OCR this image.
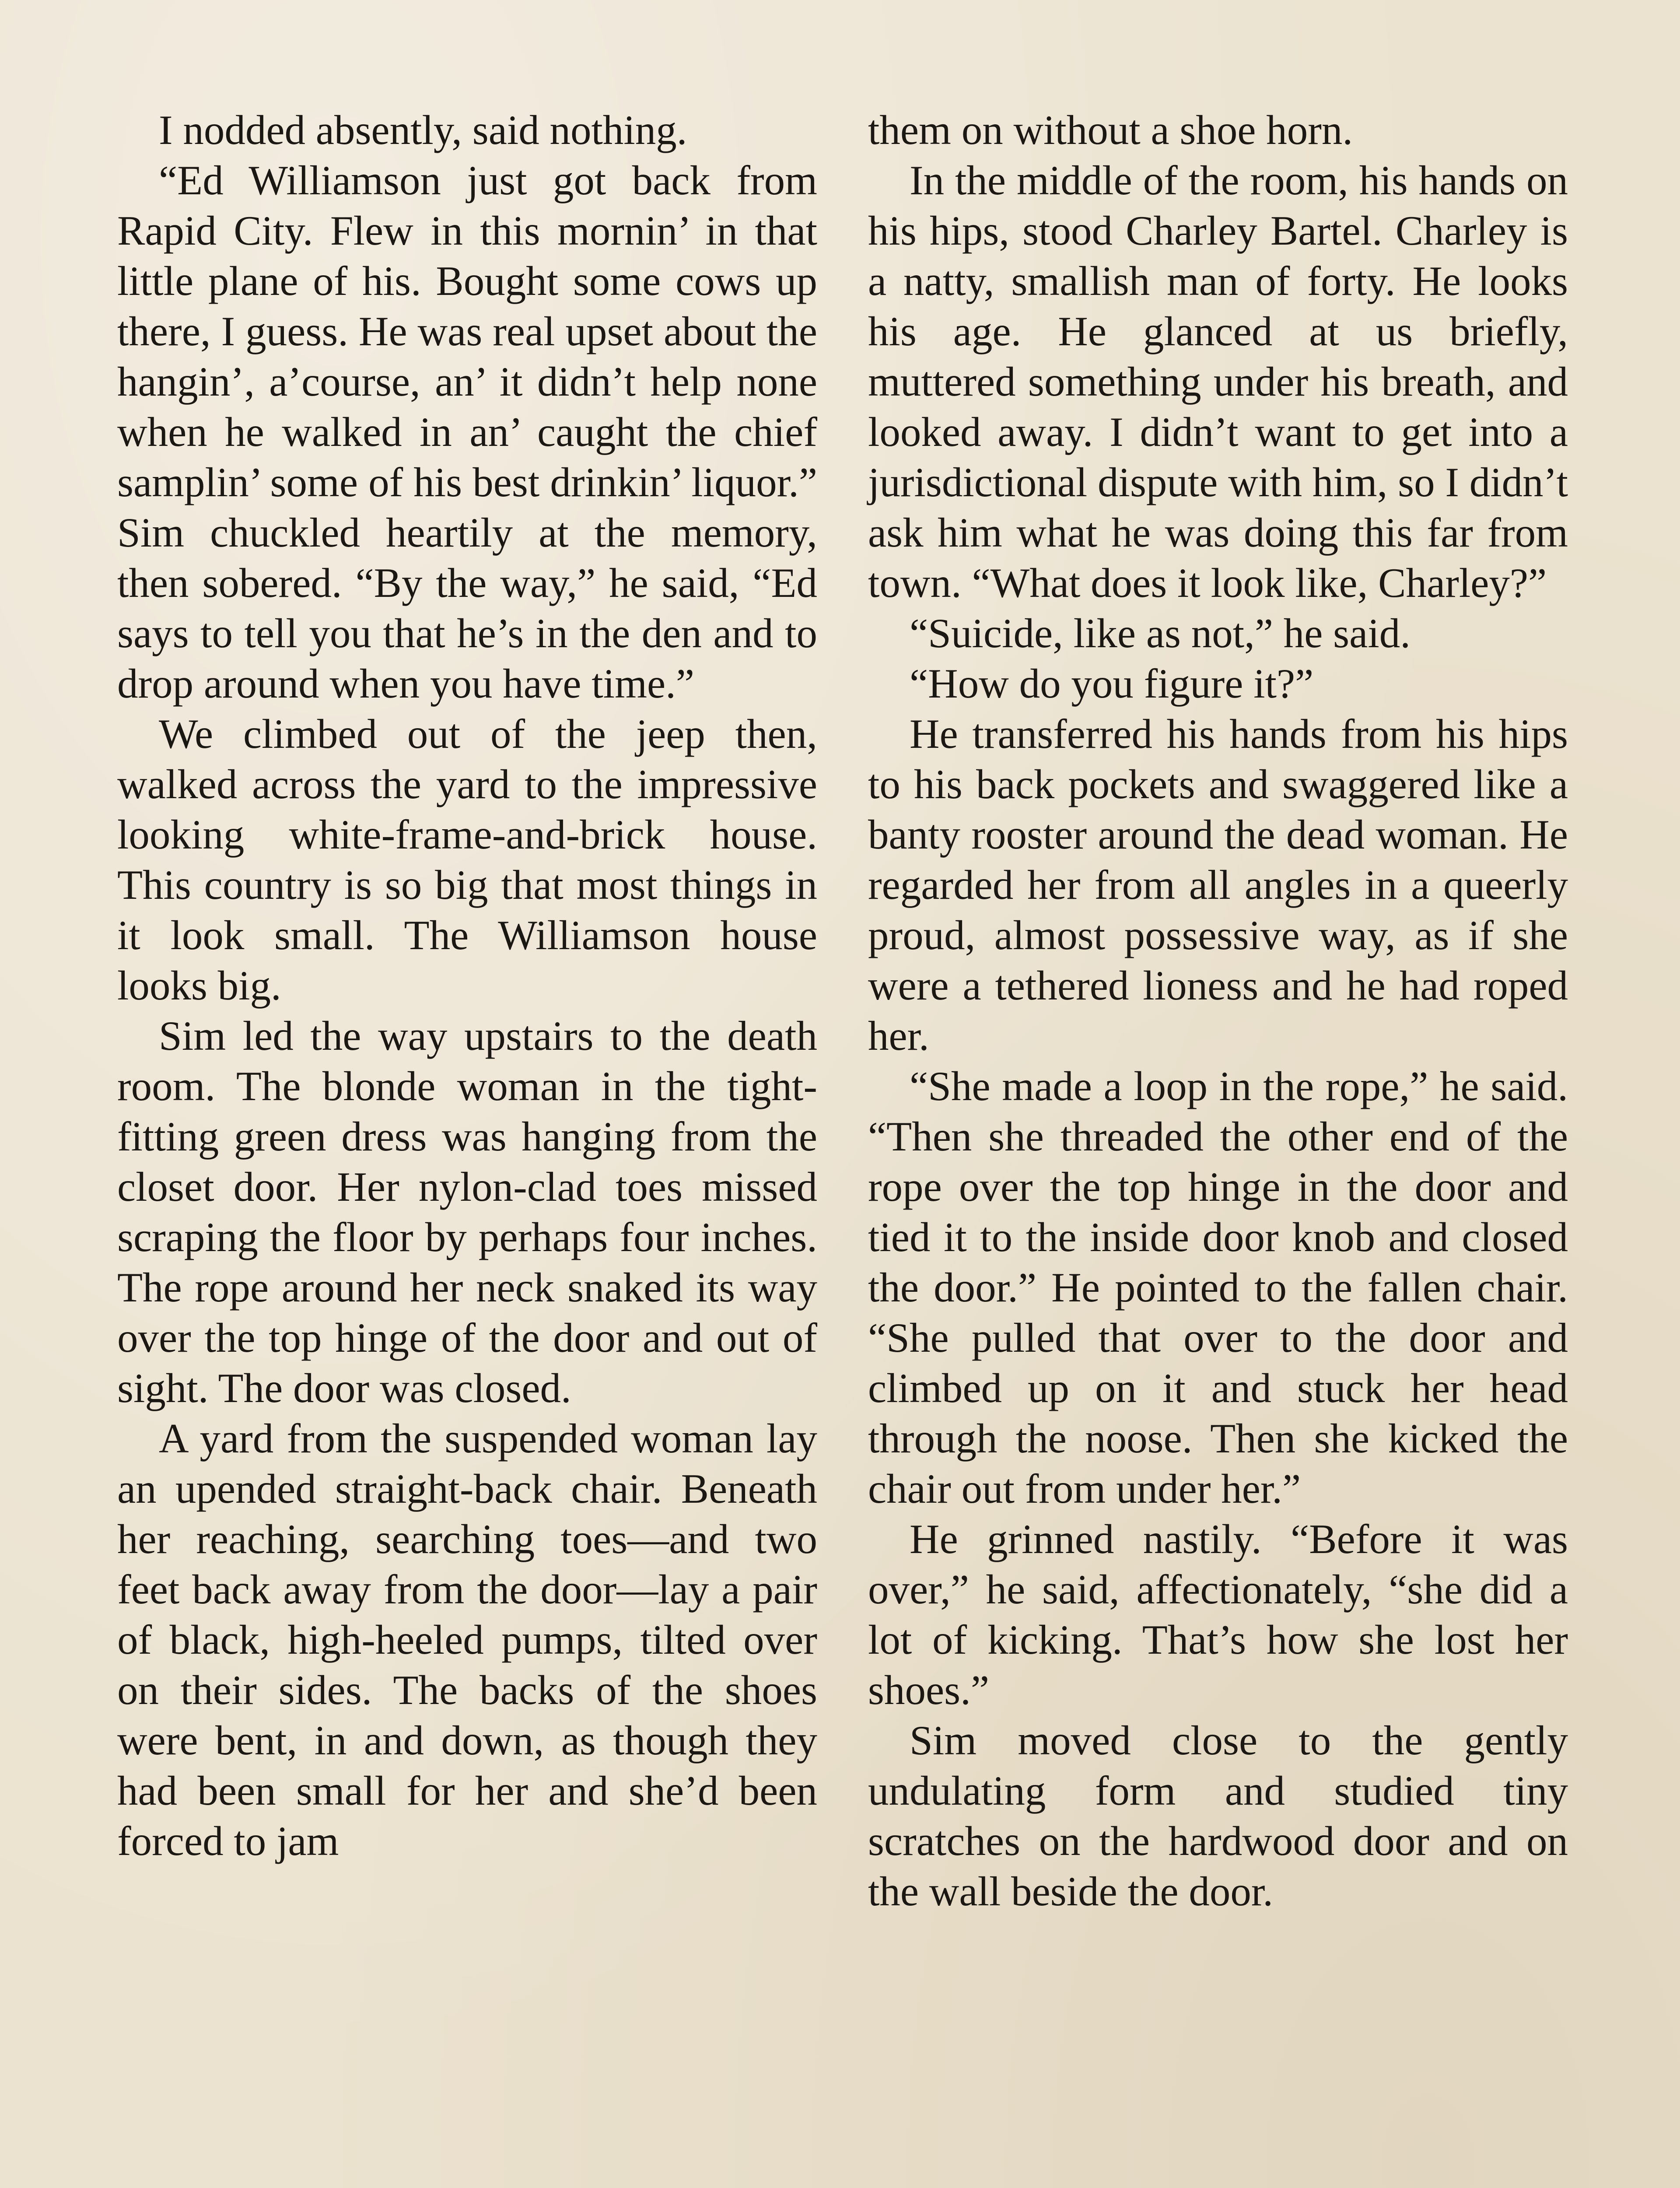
I nodded absently, said nothing.

“Ed Williamson just got back from Rapid City. Flew in this mornin’ in that little plane of his. Bought some cows up there, I guess. He was real upset about the hangin’, a’course, an’ it didn’t help none when he walked in an’ caught the chief samplin’ some of his best drinkin’ liquor.” Sim chuckled heartily at the memory, then sobered. “By the way,” he said, “Ed says to tell you that he’s in the den and to drop around when you have time.”

We climbed out of the jeep then, walked across the yard to the impressive looking white-frame-and-brick house. This country is so big that most things in it look small. The Williamson house looks big.

Sim led the way upstairs to the death room. The blonde woman in the tight-fitting green dress was hanging from the closet door. Her nylon-clad toes missed scraping the floor by perhaps four inches. The rope around her neck snaked its way over the top hinge of the door and out of sight. The door was closed.

A yard from the suspended woman lay an upended straight-back chair. Beneath her reaching, searching toes—and two feet back away from the door—lay a pair of black, high-heeled pumps, tilted over on their sides. The backs of the shoes were bent, in and down, as though they had been small for her and she’d been forced to jam

them on without a shoe horn.

In the middle of the room, his hands on his hips, stood Charley Bartel. Charley is a natty, smallish man of forty. He looks his age. He glanced at us briefly, muttered something under his breath, and looked away. I didn’t want to get into a jurisdictional dispute with him, so I didn’t ask him what he was doing this far from town. “What does it look like, Charley?”

“Suicide, like as not,” he said.

“How do you figure it?”

He transferred his hands from his hips to his back pockets and swaggered like a banty rooster around the dead woman. He regarded her from all angles in a queerly proud, almost possessive way, as if she were a tethered lioness and he had roped her.

“She made a loop in the rope,” he said. “Then she threaded the other end of the rope over the top hinge in the door and tied it to the inside door knob and closed the door.” He pointed to the fallen chair. “She pulled that over to the door and climbed up on it and stuck her head through the noose. Then she kicked the chair out from under her.”

He grinned nastily. “Before it was over,” he said, affectionately, “she did a lot of kicking. That’s how she lost her shoes.”

Sim moved close to the gently undulating form and studied tiny scratches on the hardwood door and on the wall beside the door.
